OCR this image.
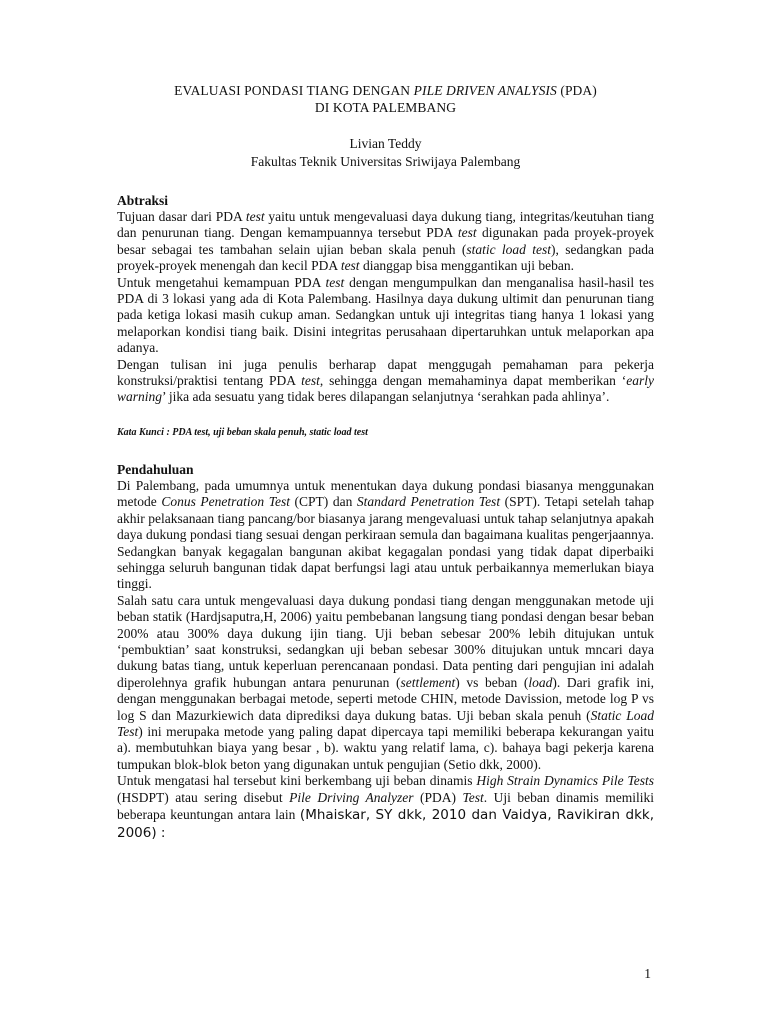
EVALUASI PONDASI TIANG DENGAN PILE DRIVEN ANALYSIS (PDA)
DI KOTA PALEMBANG
Livian Teddy
Fakultas Teknik Universitas Sriwijaya Palembang
Abtraksi

Tujuan dasar dari PDA test yaitu untuk mengevaluasi daya dukung tiang, integritas/keutuhan tiang dan penurunan tiang. Dengan kemampuannya tersebut PDA test digunakan pada proyek-proyek besar sebagai tes tambahan selain ujian beban skala penuh (static load test), sedangkan pada proyek-proyek menengah dan kecil PDA test dianggap bisa menggantikan uji beban.

Untuk mengetahui kemampuan PDA test dengan mengumpulkan dan menganalisa hasil-hasil tes PDA di 3 lokasi yang ada di Kota Palembang. Hasilnya daya dukung ultimit dan penurunan tiang pada ketiga lokasi masih cukup aman. Sedangkan untuk uji integritas tiang hanya 1 lokasi yang melaporkan kondisi tiang baik. Disini integritas perusahaan dipertaruhkan untuk melaporkan apa adanya.

Dengan tulisan ini juga penulis berharap dapat menggugah pemahaman para pekerja konstruksi/praktisi tentang PDA test, sehingga dengan memahaminya dapat memberikan ‘early warning’ jika ada sesuatu yang tidak beres dilapangan selanjutnya ‘serahkan pada ahlinya’.

Kata Kunci : PDA test, uji beban skala penuh, static load test
Pendahuluan

Di Palembang, pada umumnya untuk menentukan daya dukung pondasi biasanya menggunakan metode Conus Penetration Test (CPT) dan Standard Penetration Test (SPT). Tetapi setelah tahap akhir pelaksanaan tiang pancang/bor biasanya jarang mengevaluasi untuk tahap selanjutnya apakah daya dukung pondasi tiang sesuai dengan perkiraan semula dan bagaimana kualitas pengerjaannya. Sedangkan banyak kegagalan bangunan akibat kegagalan pondasi yang tidak dapat diperbaiki sehingga seluruh bangunan tidak dapat berfungsi lagi atau untuk perbaikannya memerlukan biaya tinggi.

Salah satu cara untuk mengevaluasi daya dukung pondasi tiang dengan menggunakan metode uji beban statik (Hardjsaputra,H, 2006) yaitu pembebanan langsung tiang pondasi dengan besar beban 200% atau 300% daya dukung ijin tiang. Uji beban sebesar 200% lebih ditujukan untuk ‘pembuktian’ saat konstruksi, sedangkan uji beban sebesar 300% ditujukan untuk mncari daya dukung batas tiang, untuk keperluan perencanaan pondasi. Data penting dari pengujian ini adalah diperolehnya grafik hubungan antara penurunan (settlement) vs beban (load). Dari grafik ini, dengan menggunakan berbagai metode, seperti metode CHIN, metode Davission, metode log P vs log S dan Mazurkiewich data diprediksi daya dukung batas. Uji beban skala penuh (Static Load Test) ini merupaka metode yang paling dapat dipercaya tapi memiliki beberapa kekurangan yaitu a). membutuhkan biaya yang besar , b). waktu yang relatif lama, c). bahaya bagi pekerja karena tumpukan blok-blok beton yang digunakan untuk pengujian (Setio dkk, 2000).

Untuk mengatasi hal tersebut kini berkembang uji beban dinamis High Strain Dynamics Pile Tests (HSDPT) atau sering disebut Pile Driving Analyzer (PDA) Test. Uji beban dinamis memiliki beberapa keuntungan antara lain (Mhaiskar, SY dkk, 2010 dan Vaidya, Ravikiran dkk, 2006) :

1
